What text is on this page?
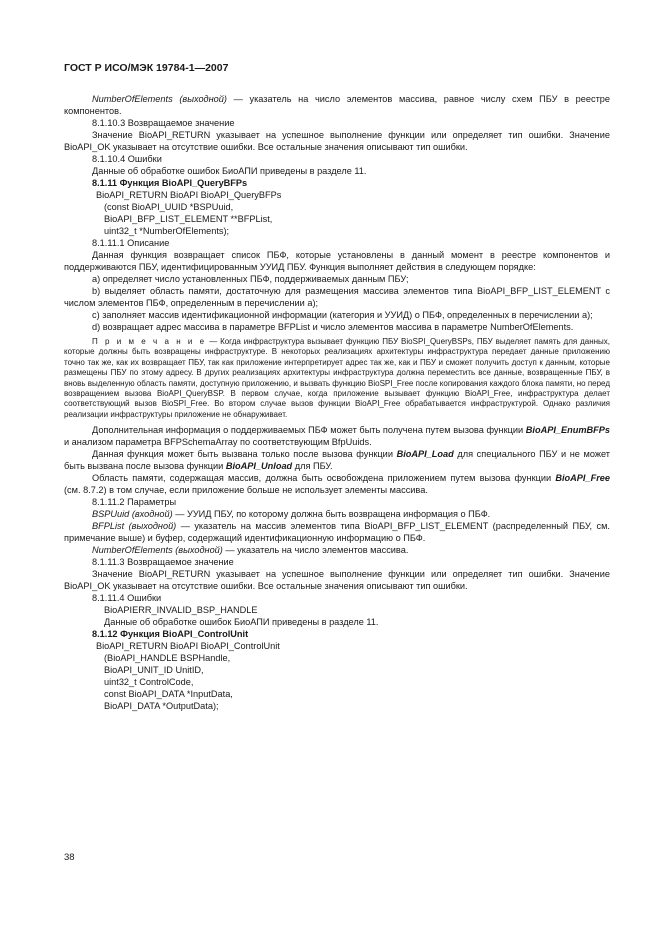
ГОСТ Р ИСО/МЭК 19784-1—2007

NumberOfElements (выходной) — указатель на число элементов массива, равное числу схем ПБУ в реестре компонентов.

8.1.10.3 Возвращаемое значение

Значение BioAPI_RETURN указывает на успешное выполнение функции или определяет тип ошибки. Значение BioAPI_OK указывает на отсутствие ошибки. Все остальные значения описывают тип ошибки.

8.1.10.4 Ошибки

Данные об обработке ошибок БиоАПИ приведены в разделе 11.

8.1.11 Функция BioAPI_QueryBFPs

BioAPI_RETURN BioAPI BioAPI_QueryBFPs

(const BioAPI_UUID *BSPUuid,

BioAPI_BFP_LIST_ELEMENT **BFPList,

uint32_t *NumberOfElements);

8.1.11.1 Описание

Данная функция возвращает список ПБФ, которые установлены в данный момент в реестре компонентов и поддерживаются ПБУ, идентифицированным УУИД ПБУ. Функция выполняет действия в следующем порядке:

a) определяет число установленных ПБФ, поддерживаемых данным ПБУ;

b) выделяет область памяти, достаточную для размещения массива элементов типа BioAPI_BFP_LIST_ELEMENT с числом элементов ПБФ, определенным в перечислении a);

c) заполняет массив идентификационной информации (категория и УУИД) о ПБФ, определенных в перечислении a);

d) возвращает адрес массива в параметре BFPList и число элементов массива в параметре NumberOfElements.

П р и м е ч а н и е — Когда инфраструктура вызывает функцию ПБУ BioSPI_QueryBSPs, ПБУ выделяет память для данных, которые должны быть возвращены инфраструктуре. В некоторых реализациях архитектуры инфраструктура передает данные приложению точно так же, как их возвращает ПБУ, так как приложение интерпретирует адрес так же, как и ПБУ и сможет получить доступ к данным, которые размещены ПБУ по этому адресу. В других реализациях архитектуры инфраструктура должна переместить все данные, возвращенные ПБУ, в вновь выделенную область памяти, доступную приложению, и вызвать функцию BioSPI_Free после копирования каждого блока памяти, но перед возвращением вызова BioAPI_QueryBSP. В первом случае, когда приложение вызывает функцию BioAPI_Free, инфраструктура делает соответствующий вызов BioSPI_Free. Во втором случае вызов функции BioAPI_Free обрабатывается инфраструктурой. Однако различия реализации инфраструктуры приложение не обнаруживает.

Дополнительная информация о поддерживаемых ПБФ может быть получена путем вызова функции BioAPI_EnumBFPs и анализом параметра BFPSchemaArray по соответствующим BfpUuids.

Данная функция может быть вызвана только после вызова функции BioAPI_Load для специального ПБУ и не может быть вызвана после вызова функции BioAPI_Unload для ПБУ.

Область памяти, содержащая массив, должна быть освобождена приложением путем вызова функции BioAPI_Free (см. 8.7.2) в том случае, если приложение больше не использует элементы массива.

8.1.11.2 Параметры

BSPUuid (входной) — УУИД ПБУ, по которому должна быть возвращена информация о ПБФ.

BFPList (выходной) — указатель на массив элементов типа BioAPI_BFP_LIST_ELEMENT (распределенный ПБУ, см. примечание выше) и буфер, содержащий идентификационную информацию о ПБФ.

NumberOfElements (выходной) — указатель на число элементов массива.

8.1.11.3 Возвращаемое значение

Значение BioAPI_RETURN указывает на успешное выполнение функции или определяет тип ошибки. Значение BioAPI_OK указывает на отсутствие ошибки. Все остальные значения описывают тип ошибки.

8.1.11.4 Ошибки

BioAPIERR_INVALID_BSP_HANDLE

Данные об обработке ошибок БиоАПИ приведены в разделе 11.

8.1.12 Функция BioAPI_ControlUnit

BioAPI_RETURN BioAPI BioAPI_ControlUnit

(BioAPI_HANDLE BSPHandle,

BioAPI_UNIT_ID UnitID,

uint32_t ControlCode,

const BioAPI_DATA *InputData,

BioAPI_DATA *OutputData);

38
